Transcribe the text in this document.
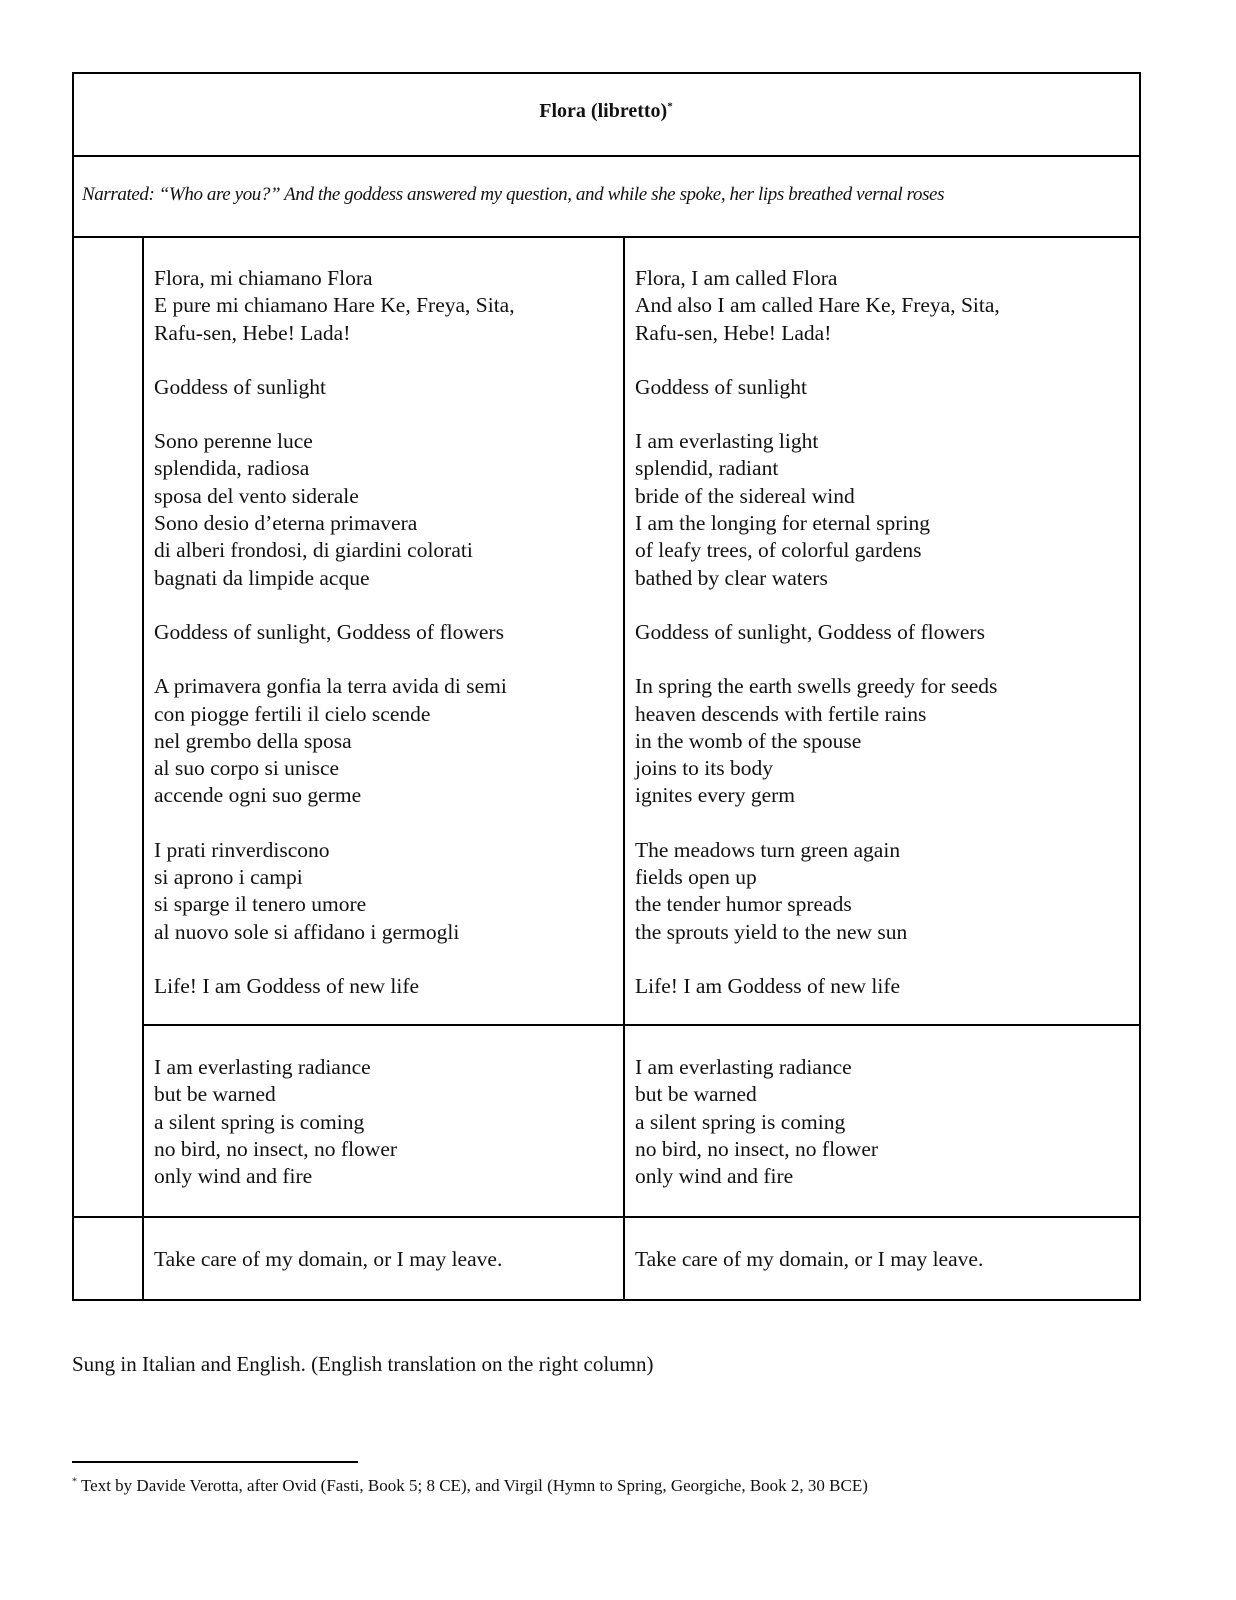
Flora (libretto)*
Narrated: “Who are you?” And the goddess answered my question, and while she spoke, her lips breathed vernal roses
Flora, mi chiamano Flora
E pure mi chiamano Hare Ke, Freya, Sita,
Rafu-sen, Hebe! Lada!
Goddess of sunlight
Sono perenne luce
splendida, radiosa
sposa del vento siderale
Sono desio d’eterna primavera
di alberi frondosi, di giardini colorati
bagnati da limpide acque
Goddess of sunlight, Goddess of flowers
A primavera gonfia la terra avida di semi
con piogge fertili il cielo scende
nel grembo della sposa
al suo corpo si unisce
accende ogni suo germe
I prati rinverdiscono
si aprono i campi
si sparge il tenero umore
al nuovo sole si affidano i germogli
Life! I am Goddess of new life
Flora, I am called Flora
And also I am called Hare Ke, Freya, Sita,
Rafu-sen, Hebe! Lada!
Goddess of sunlight
I am everlasting light
splendid, radiant
bride of the sidereal wind
I am the longing for eternal spring
of leafy trees, of colorful gardens
bathed by clear waters
Goddess of sunlight, Goddess of flowers
In spring the earth swells greedy for seeds
heaven descends with fertile rains
in the womb of the spouse
joins to its body
ignites every germ
The meadows turn green again
fields open up
the tender humor spreads
the sprouts yield to the new sun
Life! I am Goddess of new life
I am everlasting radiance
but be warned
a silent spring is coming
no bird, no insect, no flower
only wind and fire
I am everlasting radiance
but be warned
a silent spring is coming
no bird, no insect, no flower
only wind and fire
Take care of my domain, or I may leave.	Take care of my domain, or I may leave.
Sung in Italian and English. (English translation on the right column)
* Text by Davide Verotta, after Ovid (Fasti, Book 5; 8 CE), and Virgil (Hymn to Spring, Georgiche, Book 2, 30 BCE)
